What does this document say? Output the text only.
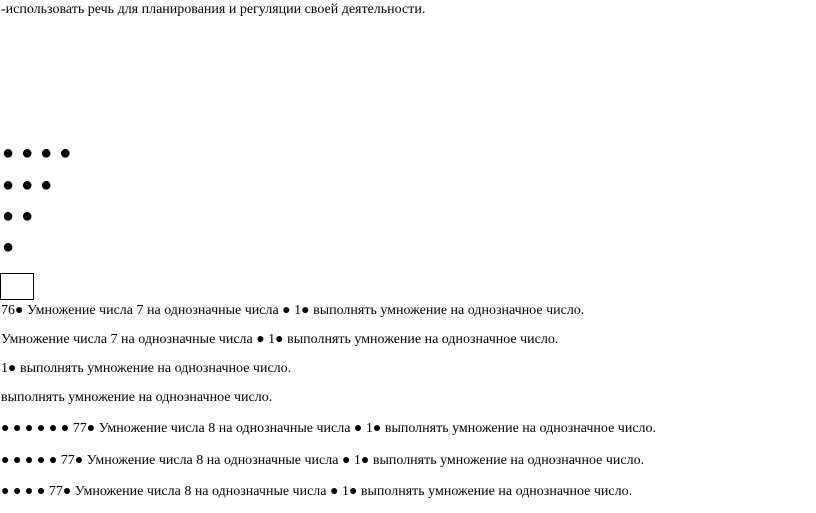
-использовать речь для планирования и регуляции своей деятельности.
● ● ● ●
● ● ●
● ●
●
76● Умножение числа 7 на однозначные числа ● 1● выполнять умножение на однозначное число.
Умножение числа 7 на однозначные числа ● 1● выполнять умножение на однозначное число.
1● выполнять умножение на однозначное число.
выполнять умножение на однозначное число.
● ● ● ● ● ● 77● Умножение числа 8 на однозначные числа ● 1● выполнять умножение на однозначное число.
● ● ● ● ● 77● Умножение числа 8 на однозначные числа ● 1● выполнять умножение на однозначное число.
● ● ● ● 77● Умножение числа 8 на однозначные числа ● 1● выполнять умножение на однозначное число.
